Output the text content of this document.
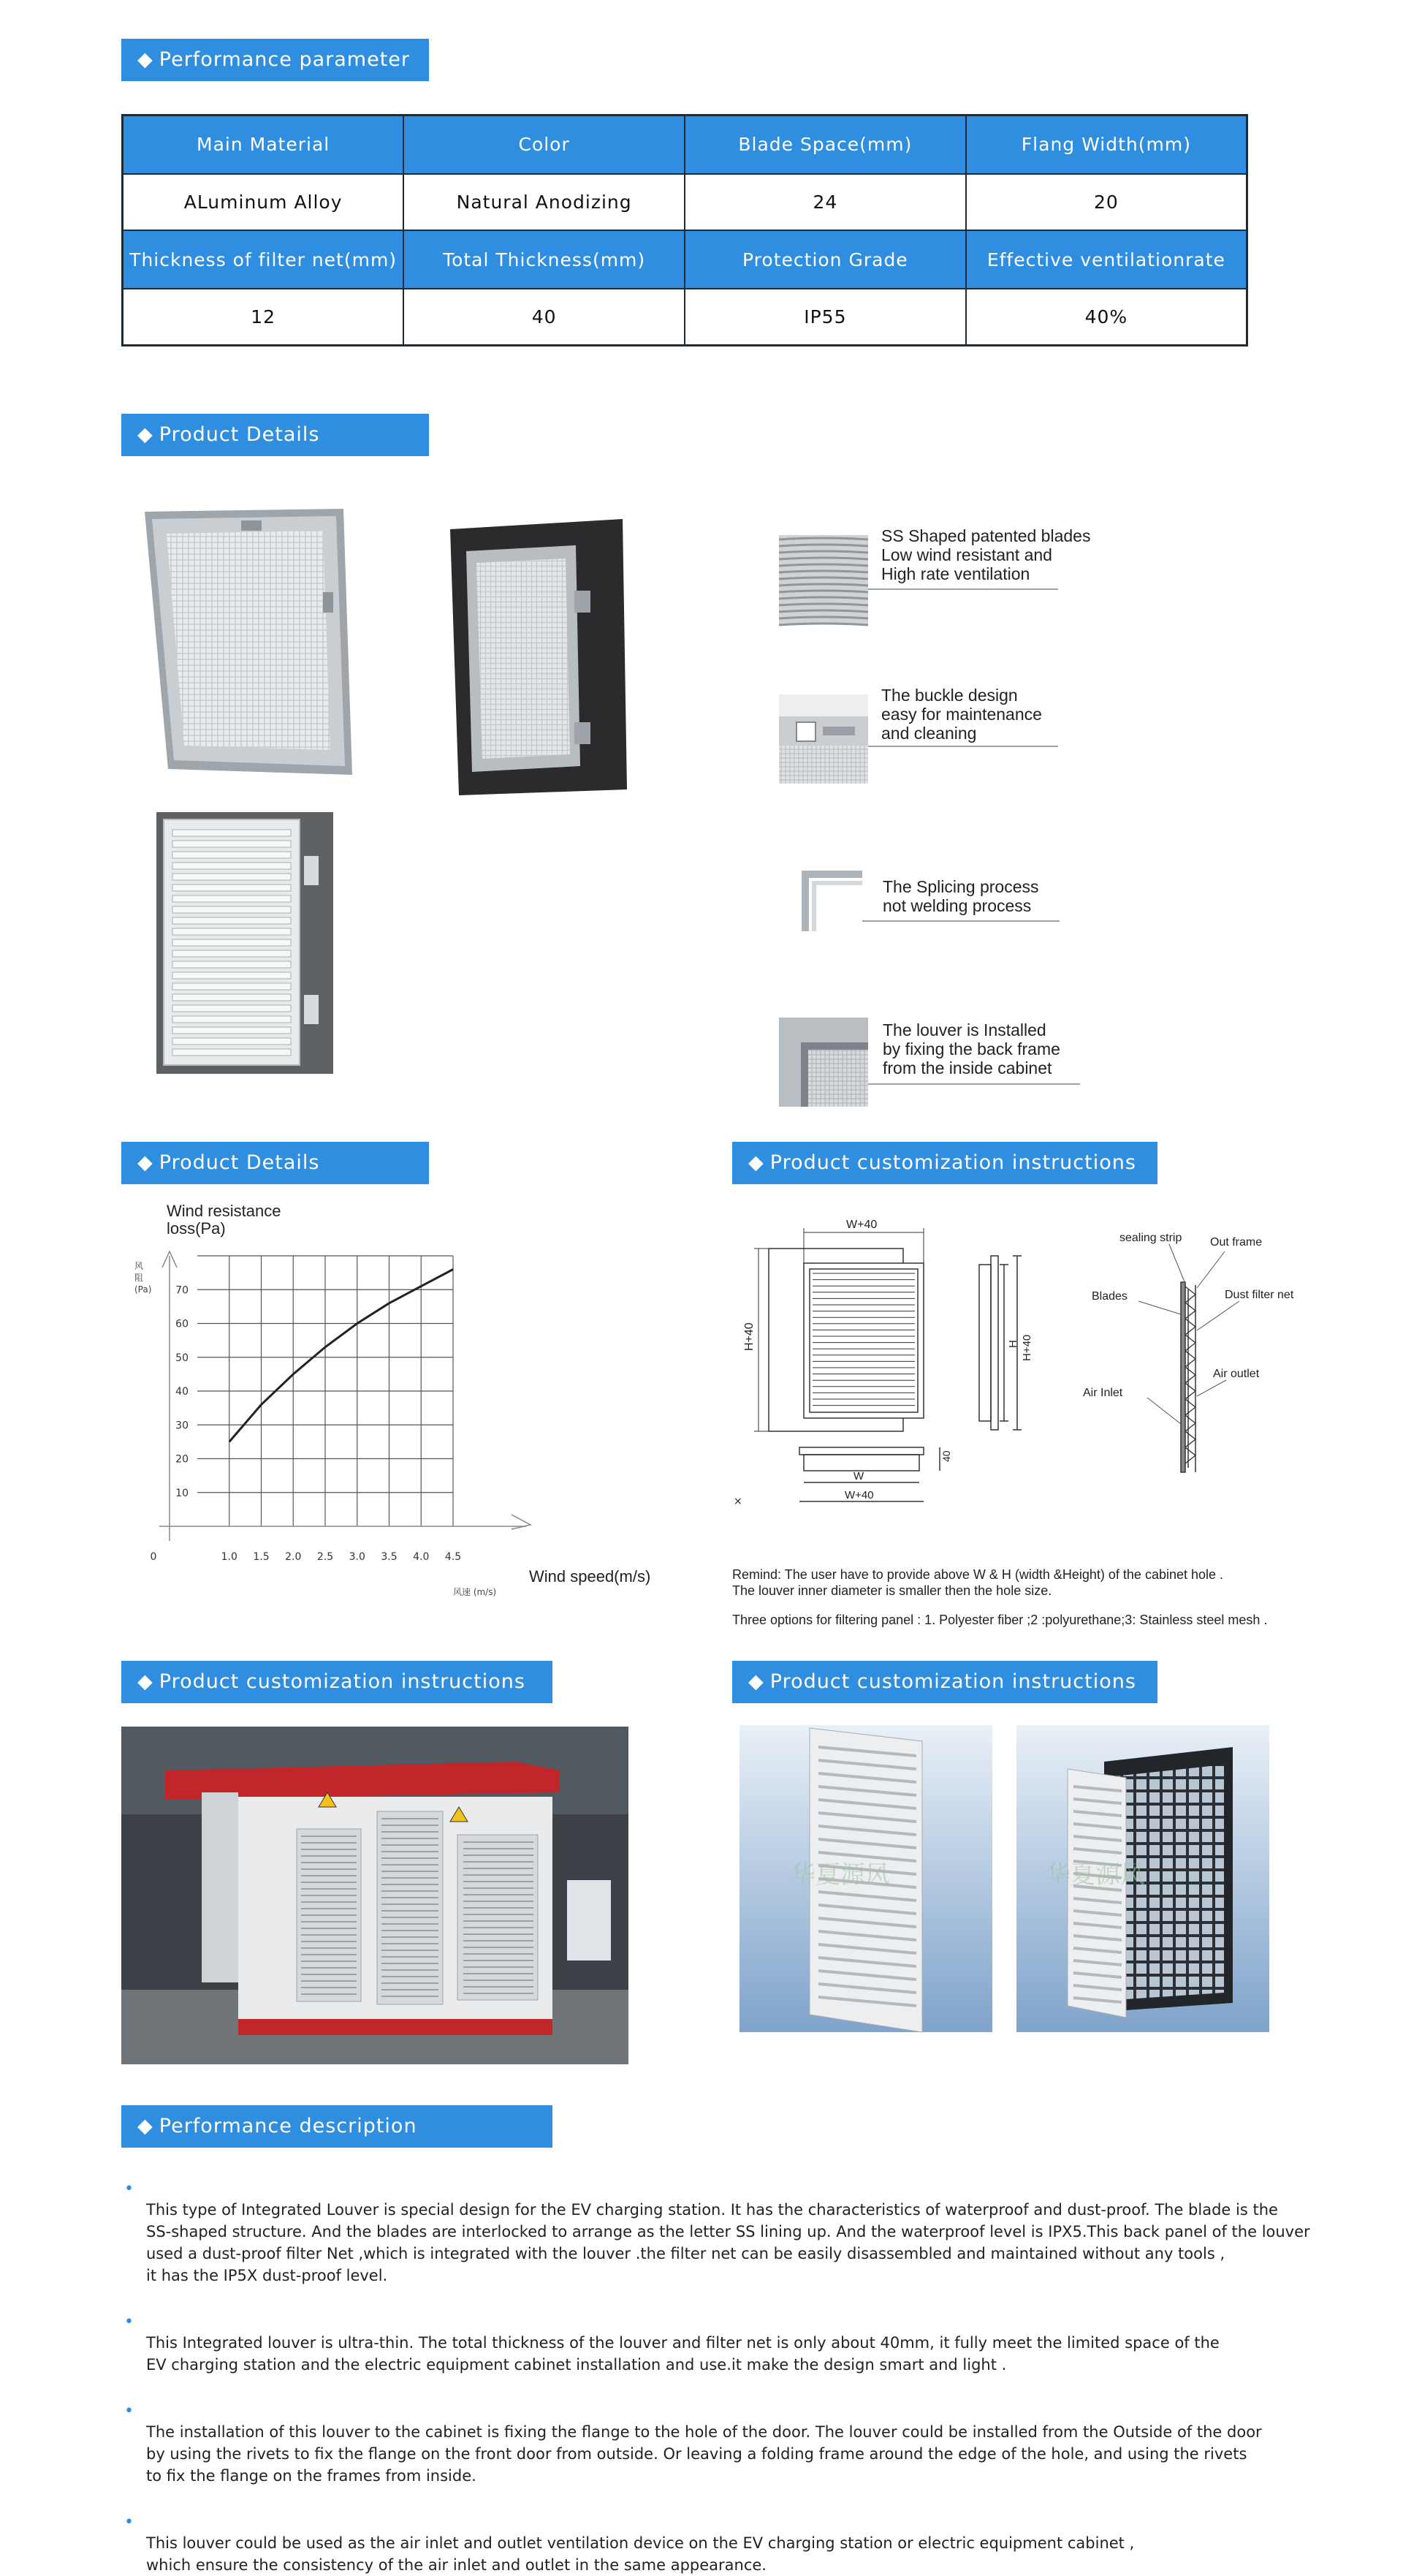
◆ Performance parameter
Main Material	Color	Blade Space(mm)	Flang Width(mm)
ALuminum Alloy	Natural Anodizing	24	20
Thickness of filter net(mm)	Total Thickness(mm)	Protection Grade	Effective ventilationrate
12	40	IP55	40%
◆ Product Details
SS Shaped patented blades
Low wind resistant and
High rate ventilation
The buckle design
easy for maintenance
and cleaning
The Splicing process
not welding process
The louver is Installed
by fixing the back frame
from the inside cabinet
◆ Product Details
Wind resistance
loss(Pa)
风
阻
(Pa)
10
20
30
40
50
60
70
0	1.0 1.5 2.0 2.5 3.0 3.5 4.0 4.5
Wind speed(m/s)
风速 (m/s)
◆ Product customization instructions
W+40
H+40	H H+40
W
W+40
40
×
sealing strip Out frame
Blades	Dust filter net
Air outlet
Air Inlet
Remind: The user have to provide above W & H (width &Height) of the cabinet hole .
The louver inner diameter is smaller then the hole size.
Three options for filtering panel : 1. Polyester fiber ;2 :polyurethane;3: Stainless steel mesh .
◆ Product customization instructions	◆ Product customization instructions
华夏源风	华夏源风
◆ Performance description

•
This type of Integrated Louver is special design for the EV charging station. It has the characteristics of waterproof and dust-proof. The blade is the
SS-shaped structure. And the blades are interlocked to arrange as the letter SS lining up. And the waterproof level is IPX5.This back panel of the louver
used a dust-proof filter Net ,which is integrated with the louver .the filter net can be easily disassembled and maintained without any tools ,
it has the IP5X dust-proof level.

•
This Integrated louver is ultra-thin. The total thickness of the louver and filter net is only about 40mm, it fully meet the limited space of the
EV charging station and the electric equipment cabinet installation and use.it make the design smart and light .

•
The installation of this louver to the cabinet is fixing the flange to the hole of the door. The louver could be installed from the Outside of the door
by using the rivets to fix the flange on the front door from outside. Or leaving a folding frame around the edge of the hole, and using the rivets
to fix the flange on the frames from inside.

•
This louver could be used as the air inlet and outlet ventilation device on the EV charging station or electric equipment cabinet ,
which ensure the consistency of the air inlet and outlet in the same appearance.
